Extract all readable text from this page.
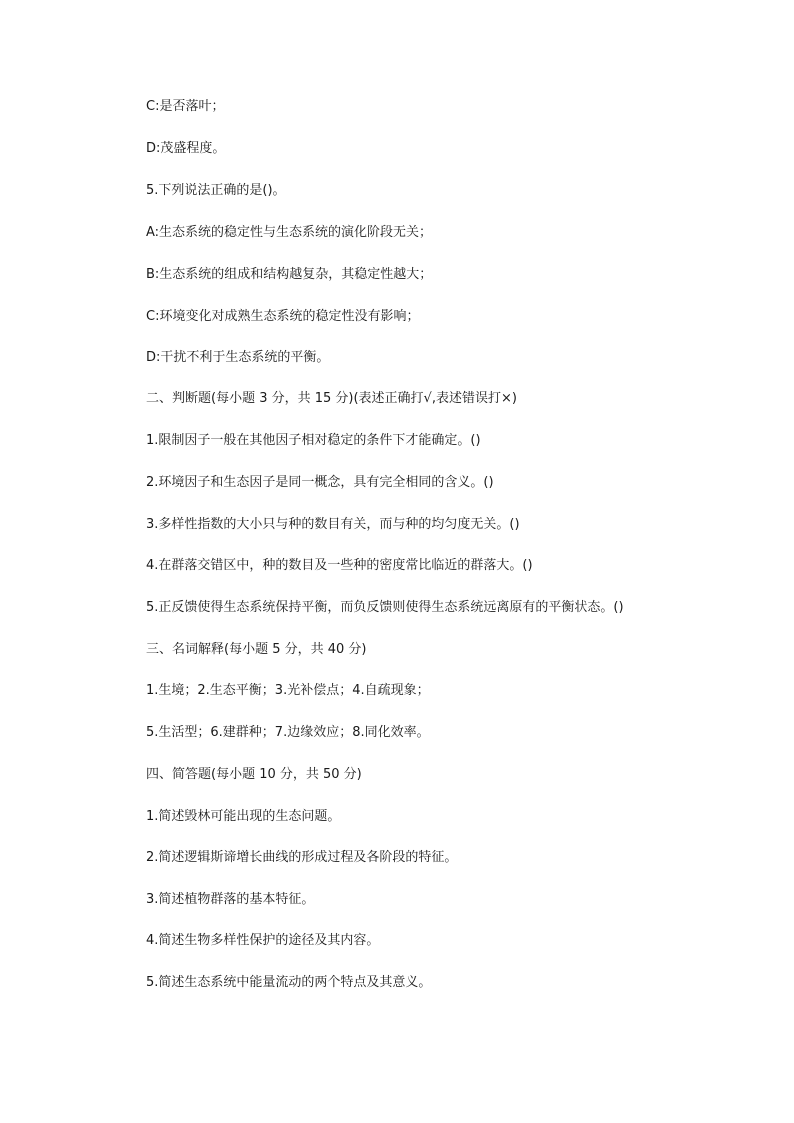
C:是否落叶；

D:茂盛程度。

5.下列说法正确的是()。

A:生态系统的稳定性与生态系统的演化阶段无关；

B:生态系统的组成和结构越复杂，其稳定性越大；

C:环境变化对成熟生态系统的稳定性没有影响；

D:干扰不利于生态系统的平衡。

二、判断题(每小题 3 分，共 15 分)(表述正确打√,表述错误打×)

1.限制因子一般在其他因子相对稳定的条件下才能确定。()

2.环境因子和生态因子是同一概念，具有完全相同的含义。()

3.多样性指数的大小只与种的数目有关，而与种的均匀度无关。()

4.在群落交错区中，种的数目及一些种的密度常比临近的群落大。()

5.正反馈使得生态系统保持平衡，而负反馈则使得生态系统远离原有的平衡状态。()

三、名词解释(每小题 5 分，共 40 分)

1.生境；2.生态平衡；3.光补偿点；4.自疏现象；

5.生活型；6.建群种；7.边缘效应；8.同化效率。

四、简答题(每小题 10 分，共 50 分)

1.简述毁林可能出现的生态问题。

2.简述逻辑斯谛增长曲线的形成过程及各阶段的特征。

3.简述植物群落的基本特征。

4.简述生物多样性保护的途径及其内容。

5.简述生态系统中能量流动的两个特点及其意义。
